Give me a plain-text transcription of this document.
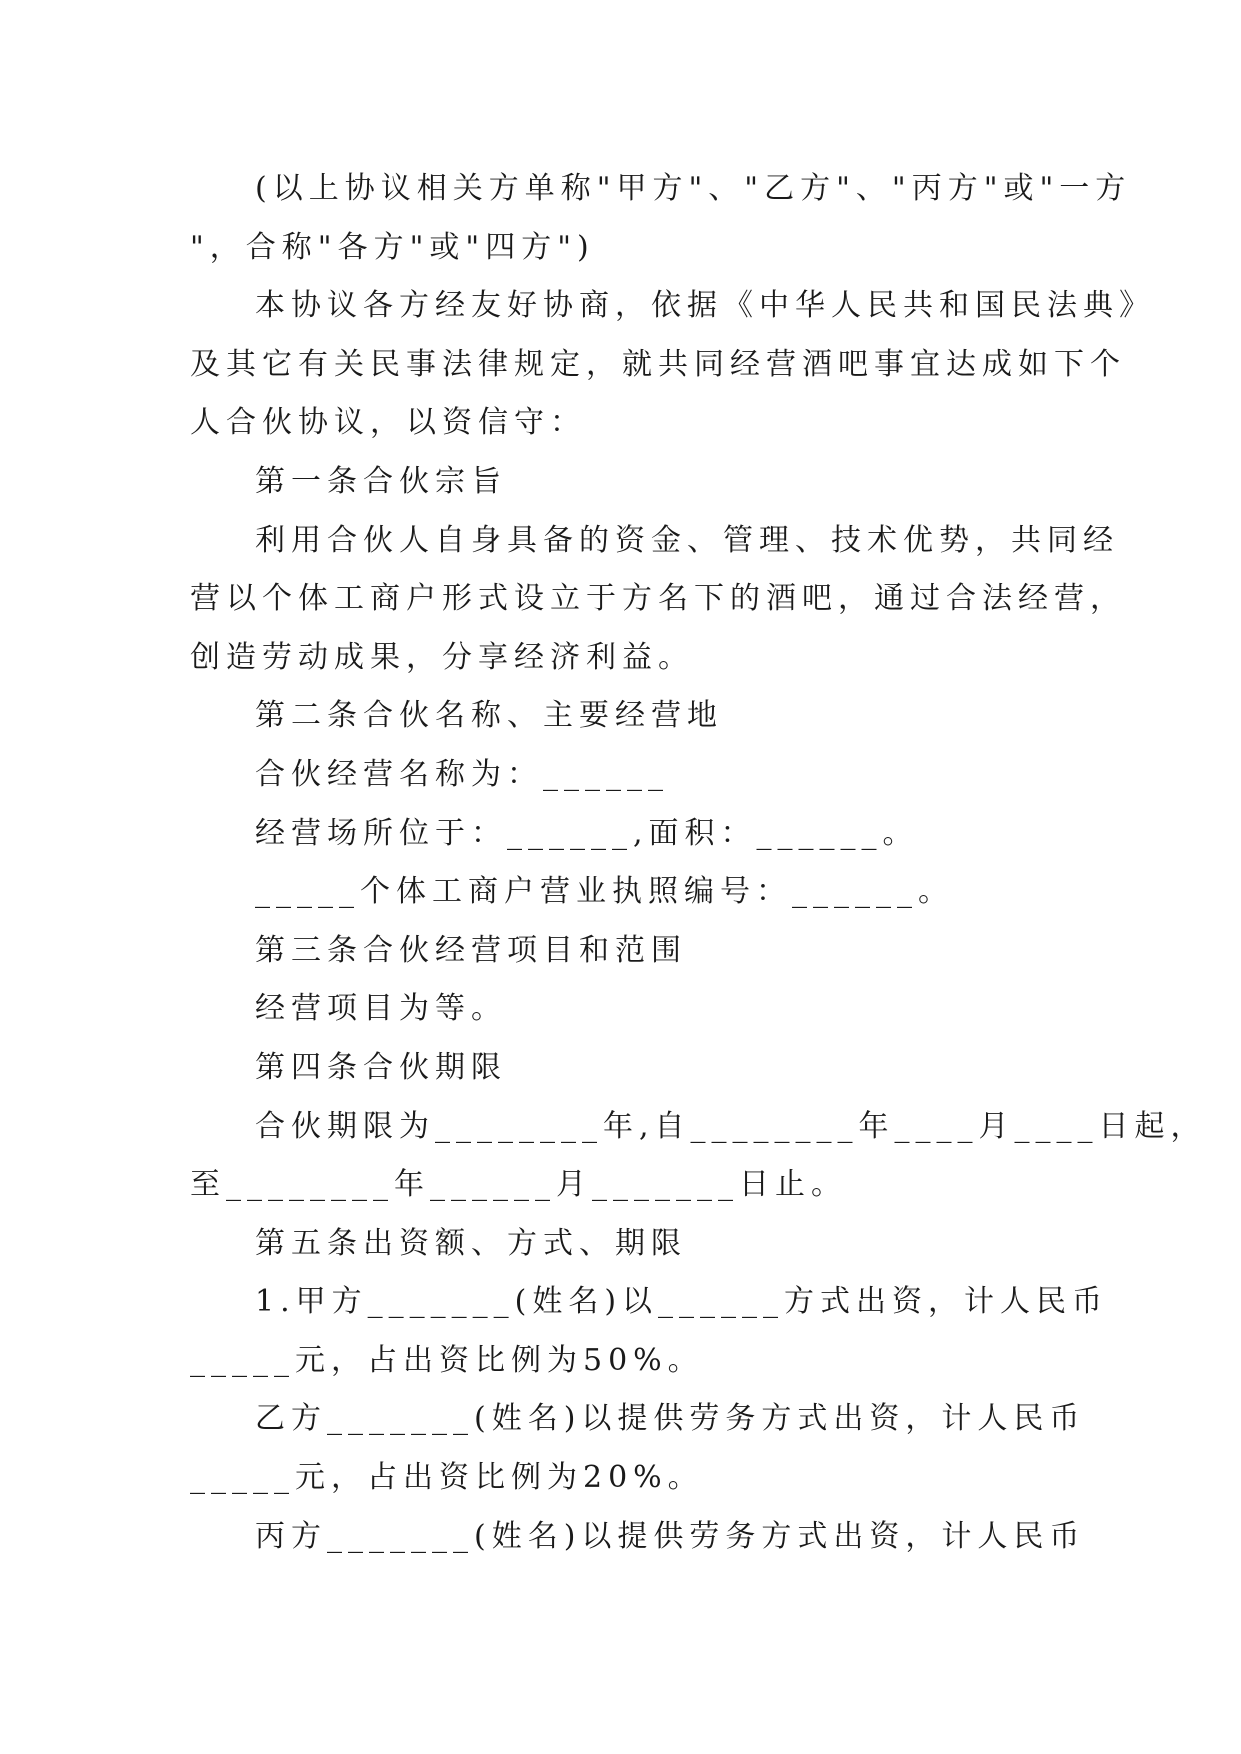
(以上协议相关方单称"甲方"、"乙方"、"丙方"或"一方
"，合称"各方"或"四方")
本协议各方经友好协商，依据《中华人民共和国民法典》
及其它有关民事法律规定，就共同经营酒吧事宜达成如下个
人合伙协议，以资信守：
第一条合伙宗旨
利用合伙人自身具备的资金、管理、技术优势，共同经
营以个体工商户形式设立于方名下的酒吧，通过合法经营，
创造劳动成果，分享经济利益。
第二条合伙名称、主要经营地
合伙经营名称为：______
经营场所位于：______,面积：______。
_____个体工商户营业执照编号：______。
第三条合伙经营项目和范围
经营项目为等。
第四条合伙期限
合伙期限为________年,自________年____月____日起，
至________年______月_______日止。
第五条出资额、方式、期限
1.甲方_______(姓名)以______方式出资，计人民币
_____元，占出资比例为50%。
乙方_______(姓名)以提供劳务方式出资，计人民币
_____元，占出资比例为20%。
丙方_______(姓名)以提供劳务方式出资，计人民币
